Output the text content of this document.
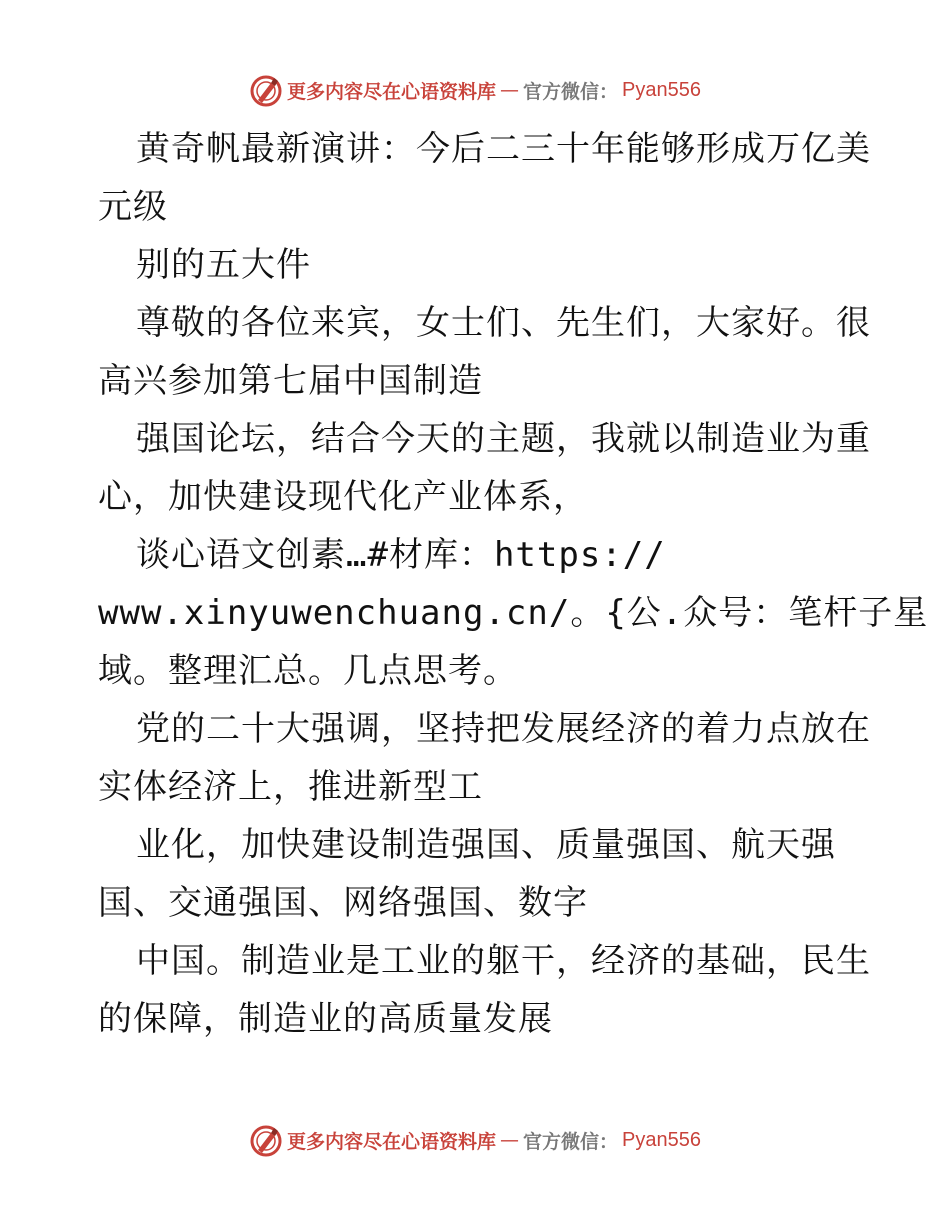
更多内容尽在心语资料库 — 官方微信： Pyan556
黄奇帆最新演讲：今后二三十年能够形成万亿美
元级
别的五大件
尊敬的各位来宾，女士们、先生们，大家好。很
高兴参加第七届中国制造
强国论坛，结合今天的主题，我就以制造业为重
心，加快建设现代化产业体系，
谈心语文创素…#材库：https://
www.xinyuwenchuang.cn/。{公.众号：笔杆子星
域。整理汇总。几点思考。
党的二十大强调，坚持把发展经济的着力点放在
实体经济上，推进新型工
业化，加快建设制造强国、质量强国、航天强
国、交通强国、网络强国、数字
中国。制造业是工业的躯干，经济的基础，民生
的保障，制造业的高质量发展
更多内容尽在心语资料库 — 官方微信： Pyan556
